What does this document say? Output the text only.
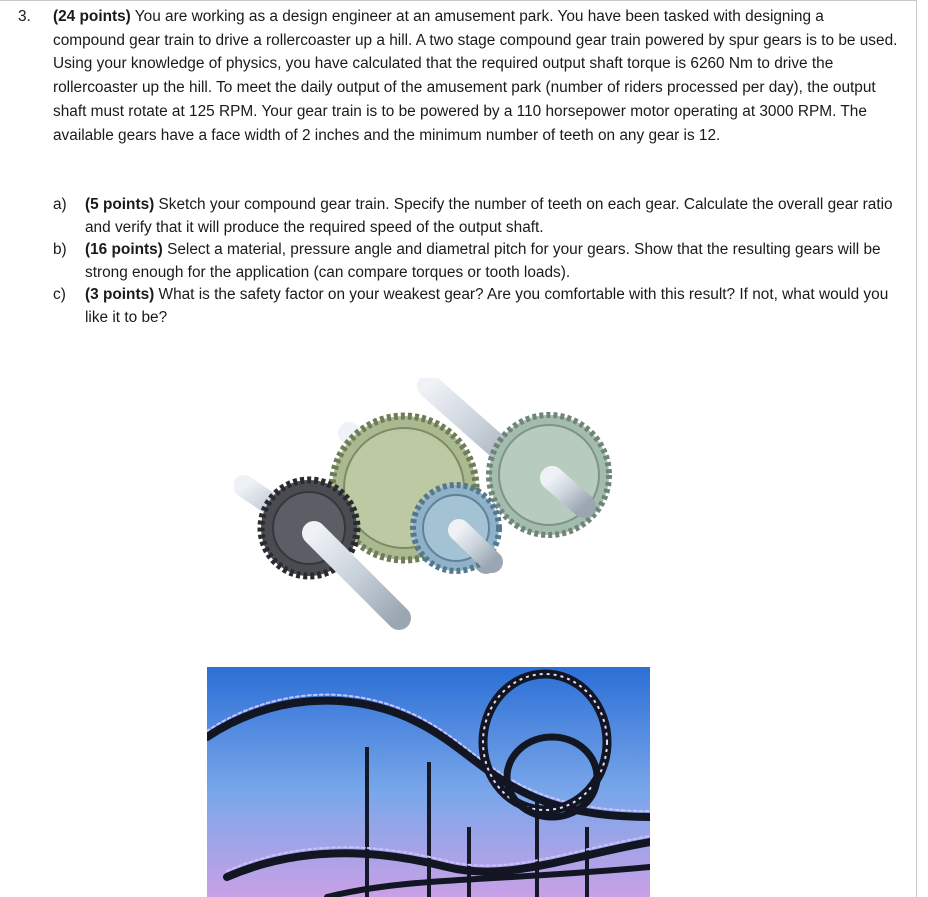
3. (24 points) You are working as a design engineer at an amusement park. You have been tasked with designing a compound gear train to drive a rollercoaster up a hill. A two stage compound gear train powered by spur gears is to be used. Using your knowledge of physics, you have calculated that the required output shaft torque is 6260 Nm to drive the rollercoaster up the hill. To meet the daily output of the amusement park (number of riders processed per day), the output shaft must rotate at 125 RPM. Your gear train is to be powered by a 110 horsepower motor operating at 3000 RPM. The available gears have a face width of 2 inches and the minimum number of teeth on any gear is 12.
a) (5 points) Sketch your compound gear train. Specify the number of teeth on each gear. Calculate the overall gear ratio and verify that it will produce the required speed of the output shaft.
b) (16 points) Select a material, pressure angle and diametral pitch for your gears. Show that the resulting gears will be strong enough for the application (can compare torques or tooth loads).
c) (3 points) What is the safety factor on your weakest gear? Are you comfortable with this result? If not, what would you like it to be?
